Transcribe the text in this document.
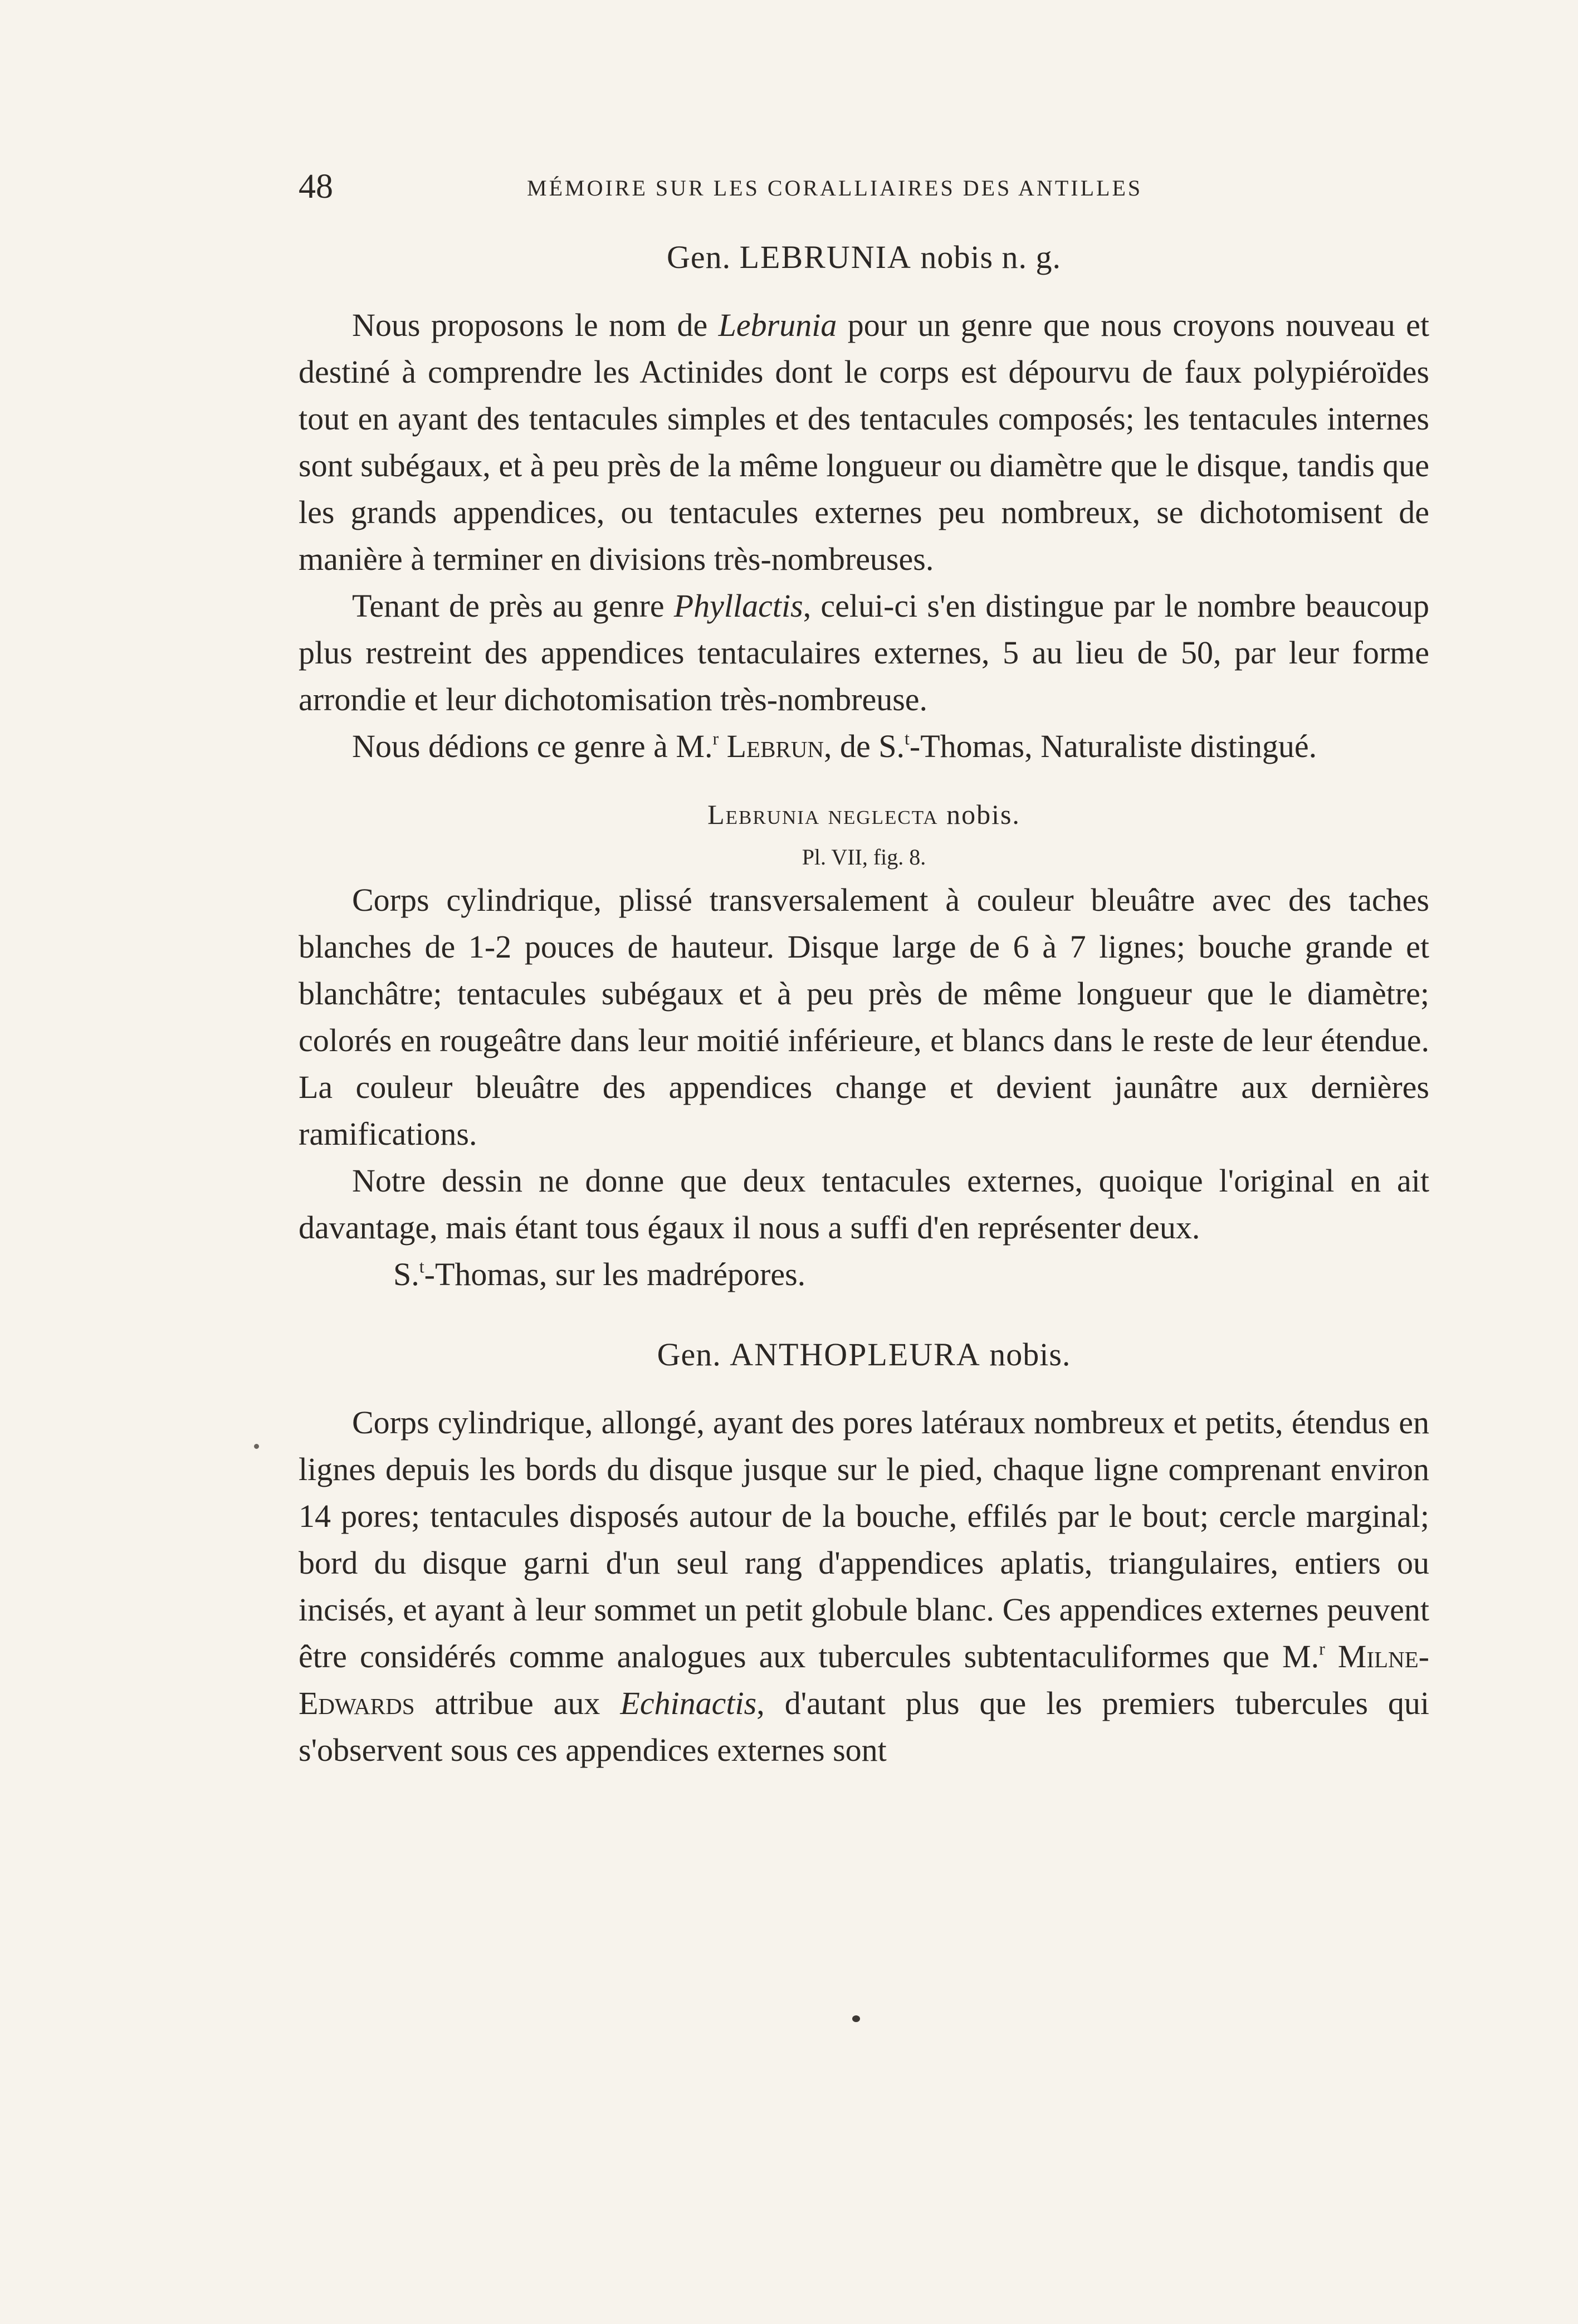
48	MÉMOIRE SUR LES CORALLIAIRES DES ANTILLES
Gen. LEBRUNIA nobis n. g.

Nous proposons le nom de Lebrunia pour un genre que nous croyons nouveau et destiné à comprendre les Actinides dont le corps est dépourvu de faux polypiéroïdes tout en ayant des tentacules simples et des tentacules composés; les tentacules internes sont subégaux, et à peu près de la même longueur ou diamètre que le disque, tandis que les grands appendices, ou tentacules externes peu nombreux, se dichotomisent de manière à terminer en divisions très-nombreuses.

Tenant de près au genre Phyllactis, celui-ci s'en distingue par le nombre beaucoup plus restreint des appendices tentaculaires externes, 5 au lieu de 50, par leur forme arrondie et leur dichotomisation très-nombreuse.

Nous dédions ce genre à M.$^r$ Lebrun, de S.$^t$-Thomas, Naturaliste distingué.

Lebrunia neglecta nobis.
Pl. VII, fig. 8.

Corps cylindrique, plissé transversalement à couleur bleuâtre avec des taches blanches de 1-2 pouces de hauteur. Disque large de 6 à 7 lignes; bouche grande et blanchâtre; tentacules subégaux et à peu près de même longueur que le diamètre; colorés en rougeâtre dans leur moitié inférieure, et blancs dans le reste de leur étendue. La couleur bleuâtre des appendices change et devient jaunâtre aux dernières ramifications.

Notre dessin ne donne que deux tentacules externes, quoique l'original en ait davantage, mais étant tous égaux il nous a suffi d'en représenter deux.

S.$^t$-Thomas, sur les madrépores.

Gen. ANTHOPLEURA nobis.

Corps cylindrique, allongé, ayant des pores latéraux nombreux et petits, étendus en lignes depuis les bords du disque jusque sur le pied, chaque ligne comprenant environ 14 pores; tentacules disposés autour de la bouche, effilés par le bout; cercle marginal; bord du disque garni d'un seul rang d'appendices aplatis, triangulaires, entiers ou incisés, et ayant à leur sommet un petit globule blanc. Ces appendices externes peuvent être considérés comme analogues aux tubercules subtentaculiformes que M.$^r$ Milne-Edwards attribue aux Echinactis, d'autant plus que les premiers tubercules qui s'observent sous ces appendices externes sont
